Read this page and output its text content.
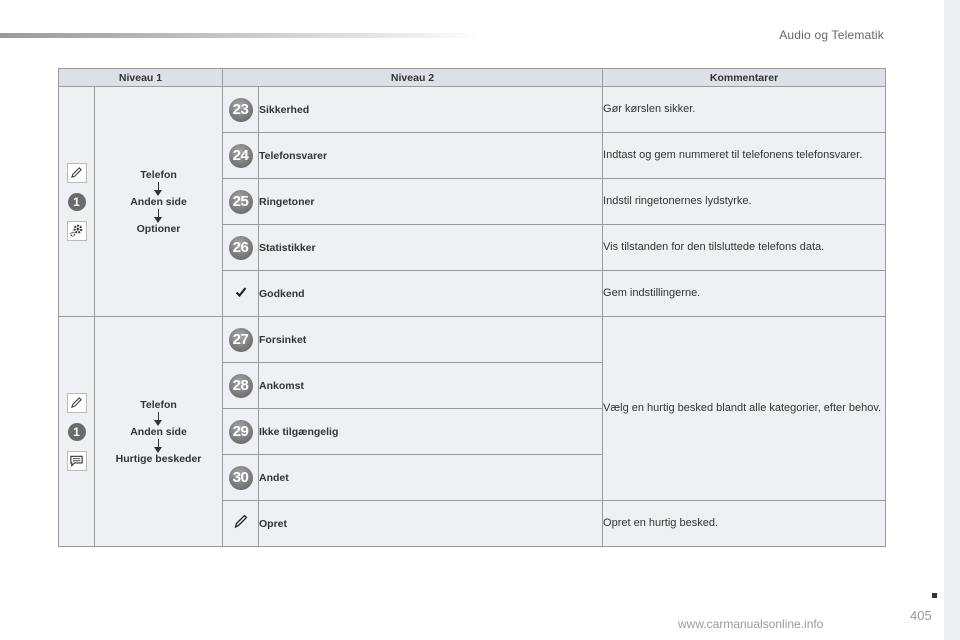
Audio og Telematik
Niveau 1		Niveau 2		Kommentarer

1	Telefon
Anden side
Optioner	23	Sikkerhed	Gør kørslen sikker.

24	Telefonsvarer	Indtast og gem nummeret til telefonens telefonsvarer.

25	Ringetoner	Indstil ringetonernes lydstyrke.

26	Statistikker	Vis tilstanden for den tilsluttede telefons data.
	Godkend	Gem indstillingerne.

1	Telefon
Anden side
Hurtige beskeder	27	Forsinket	Vælg en hurtig besked blandt alle kategorier, efter behov.

28	Ankomst	

29	Ikke tilgængelig	

30	Andet	
	Opret	Opret en hurtig besked.
405
www.carmanualsonline.info
